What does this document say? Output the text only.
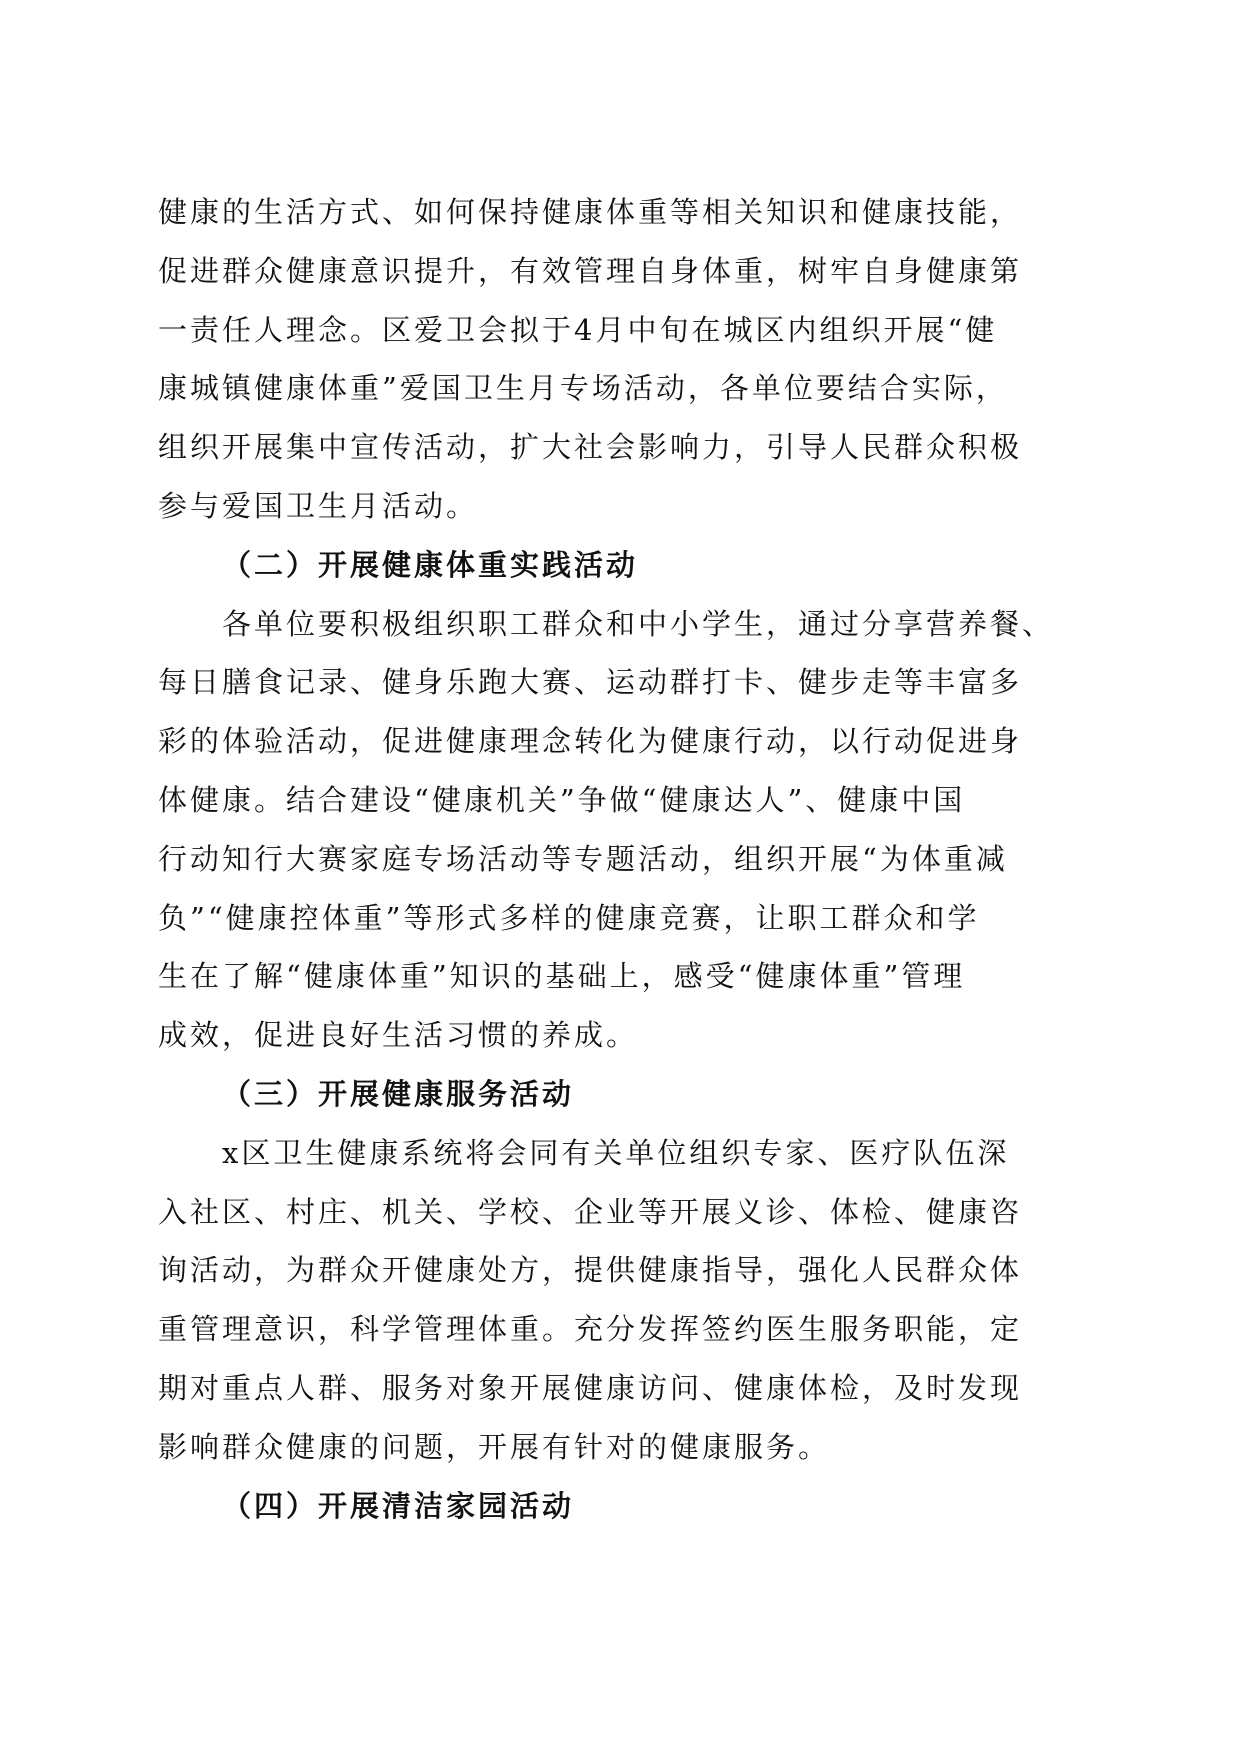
健康的生活方式、如何保持健康体重等相关知识和健康技能，
促进群众健康意识提升，有效管理自身体重，树牢自身健康第
一责任人理念。区爱卫会拟于4月中旬在城区内组织开展“健
康城镇健康体重”爱国卫生月专场活动，各单位要结合实际，
组织开展集中宣传活动，扩大社会影响力，引导人民群众积极
参与爱国卫生月活动。
（二）开展健康体重实践活动
各单位要积极组织职工群众和中小学生，通过分享营养餐、
每日膳食记录、健身乐跑大赛、运动群打卡、健步走等丰富多
彩的体验活动，促进健康理念转化为健康行动，以行动促进身
体健康。结合建设“健康机关”争做“健康达人”、健康中国
行动知行大赛家庭专场活动等专题活动，组织开展“为体重减
负”“健康控体重”等形式多样的健康竞赛，让职工群众和学
生在了解“健康体重”知识的基础上，感受“健康体重”管理
成效，促进良好生活习惯的养成。
（三）开展健康服务活动
x区卫生健康系统将会同有关单位组织专家、医疗队伍深
入社区、村庄、机关、学校、企业等开展义诊、体检、健康咨
询活动，为群众开健康处方，提供健康指导，强化人民群众体
重管理意识，科学管理体重。充分发挥签约医生服务职能，定
期对重点人群、服务对象开展健康访问、健康体检，及时发现
影响群众健康的问题，开展有针对的健康服务。
（四）开展清洁家园活动
